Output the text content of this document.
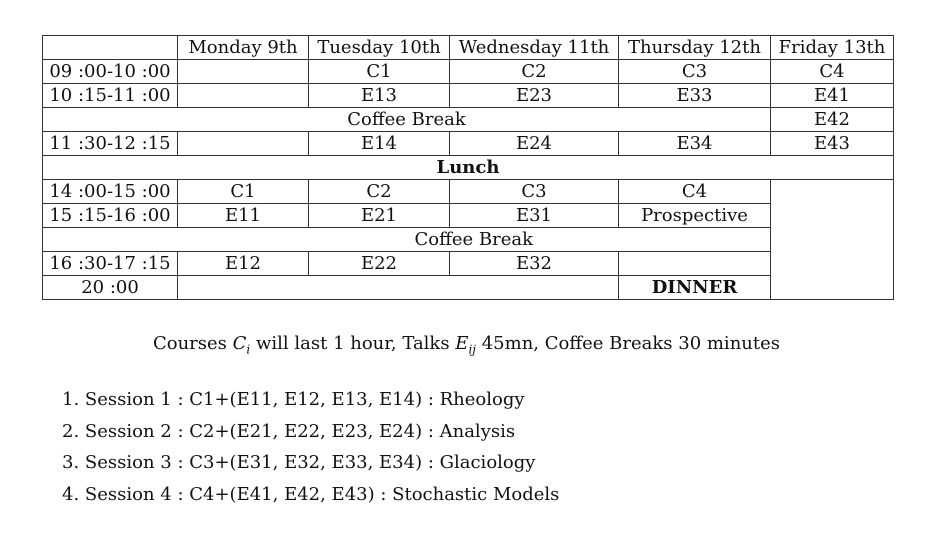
	Monday 9th	Tuesday 10th	Wednesday 11th	Thursday 12th	Friday 13th
09 :00-10 :00		C1	C2	C3	C4
10 :15-11 :00		E13	E23	E33	E41
Coffee Break					E42
11 :30-12 :15		E14	E24	E34	E43
Lunch					
14 :00-15 :00	C1	C2	C3	C4	
15 :15-16 :00	E11	E21	E31	Prospective	
	Coffee Break				
16 :30-17 :15	E12	E22	E32		
20 :00				DINNER	
Courses $C_i$ will last 1 hour, Talks $E_{ij}$ 45mn, Coffee Breaks 30 minutes
1. Session 1 : C1+(E11, E12, E13, E14) : Rheology
2. Session 2 : C2+(E21, E22, E23, E24) : Analysis
3. Session 3 : C3+(E31, E32, E33, E34) : Glaciology
4. Session 4 : C4+(E41, E42, E43) : Stochastic Models
